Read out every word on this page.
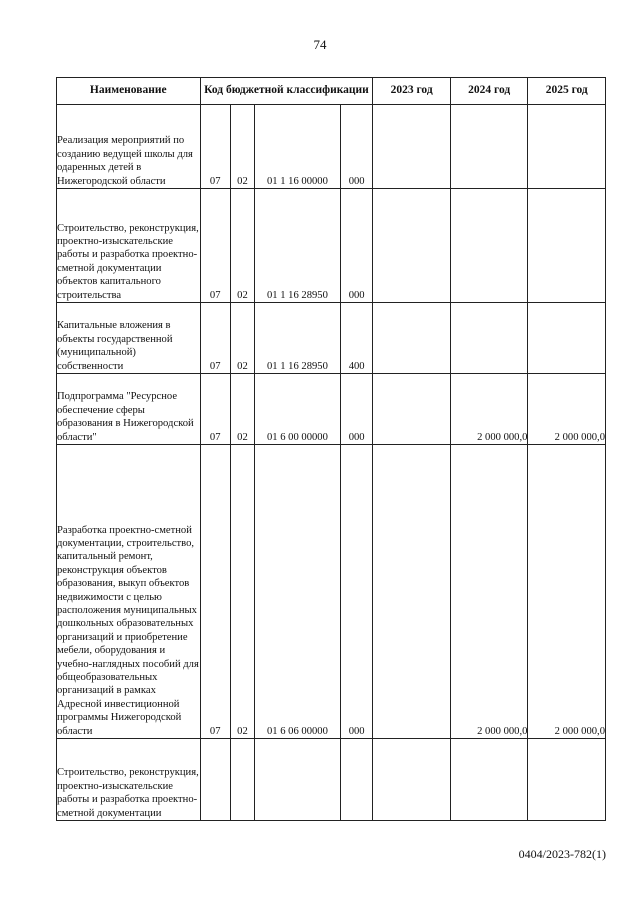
74
Наименование	Код бюджетной классификации				2023 год	2024 год	2025 год
Реализация мероприятий по созданию ведущей школы для одаренных детей в Нижегородской области	07	02	01 1 16 00000	000			
Строительство, реконструкция, проектно-изыскательские работы и разработка проектно-сметной документации объектов капитального строительства	07	02	01 1 16 28950	000			
Капитальные вложения в объекты государственной (муниципальной) собственности	07	02	01 1 16 28950	400			
Подпрограмма "Ресурсное обеспечение сферы образования в Нижегородской области"	07	02	01 6 00 00000	000		2 000 000,0	2 000 000,0
Разработка проектно-сметной документации, строительство, капитальный ремонт, реконструкция объектов образования, выкуп объектов недвижимости с целью расположения муниципальных дошкольных образовательных организаций и приобретение мебели, оборудования и учебно-наглядных пособий для общеобразовательных организаций в рамках Адресной инвестиционной программы Нижегородской области	07	02	01 6 06 00000	000		2 000 000,0	2 000 000,0
Строительство, реконструкция, проектно-изыскательские работы и разработка проектно-сметной документации							
0404/2023-782(1)
